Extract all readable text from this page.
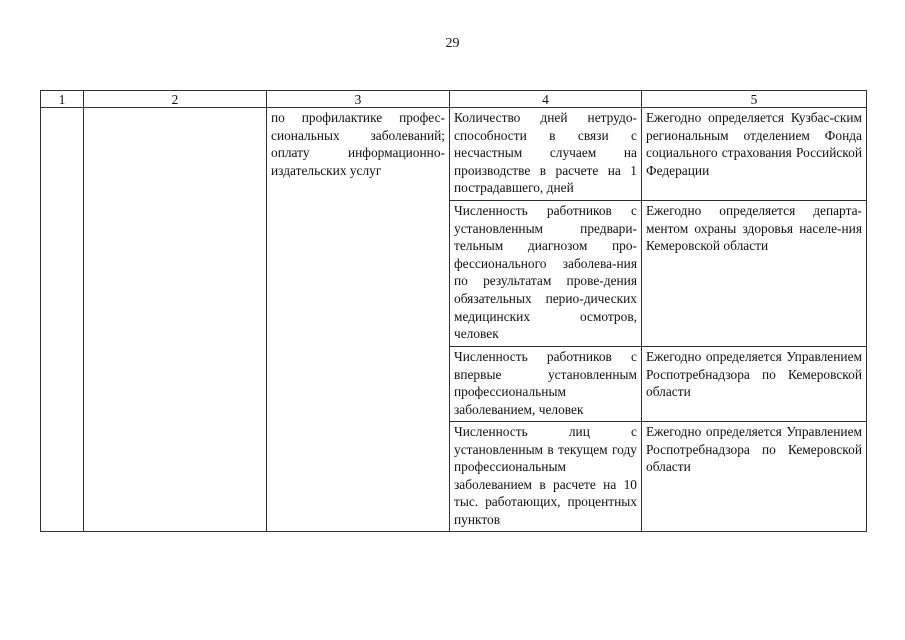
29
1	2	3	4	5
		по профилактике профес-сиональных заболеваний; оплату информационно-издательских услуг	Количество дней нетрудо-способности в связи с несчастным случаем на производстве в расчете на 1 пострадавшего, дней	Ежегодно определяется Кузбас-ским региональным отделением Фонда социального страхования Российской Федерации
			Численность работников с установленным предвари-тельным диагнозом про-фессионального заболева-ния по результатам прове-дения обязательных перио-дических медицинских осмотров, человек	Ежегодно определяется департа-ментом охраны здоровья населе-ния Кемеровской области
			Численность работников с впервые установленным профессиональным заболеванием, человек	Ежегодно определяется Управлением Роспотребнадзора по Кемеровской области
			Численность лиц с установленным в текущем году профессиональным заболеванием в расчете на 10 тыс. работающих, процентных пунктов	Ежегодно определяется Управлением Роспотребнадзора по Кемеровской области
